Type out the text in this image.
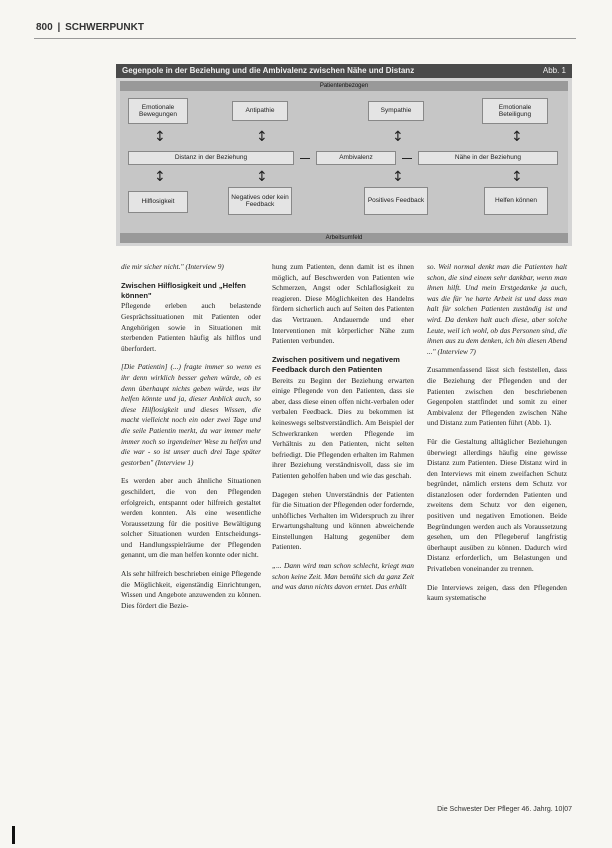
800 | SCHWERPUNKT
Gegenpole in der Beziehung und die Ambivalenz zwischen Nähe und Distanz	Abb. 1
Patientenbezogen
Emotionale Bewegungen
Antipathie	Sympathie
Emotionale Beteiligung
↕	↕	↕	↕
Distanz in der Beziehung	Ambivalenz	Nähe in der Beziehung
↕	↕	↕	↕
Hilflosigkeit
Negatives oder kein Feedback
Positives Feedback	Helfen können
Arbeitsumfeld

die mir sicher nicht." (Interview 9)

Zwischen Hilflosigkeit und „Helfen können"

Pflegende erleben auch belastende Gesprächssituationen mit Patienten oder Angehörigen sowie in Situationen mit sterbenden Patienten häufig als hilflos und überfordert.

[Die Patientin] (...) fragte immer so wenn es ihr denn wirklich besser gehen würde, ob es denn überhaupt nichts geben würde, was ihr helfen könnte und ja, dieser Anblick auch, so diese Hilflosigkeit und dieses Wissen, die macht vielleicht noch ein oder zwei Tage und die seile Patientin merkt, da war immer mehr immer noch so irgendeiner Wese zu helfen und die war - so ist unser auch drei Tage später gestorben" (Interview 1)

Es werden aber auch ähnliche Situationen geschildert, die von den Pflegenden erfolgreich, entspannt oder hilfreich gestaltet werden konnten. Als eine wesentliche Voraussetzung für die positive Bewältigung solcher Situationen wurden Entscheidungs- und Handlungsspielräume der Pflegenden genannt, um die man helfen konnte oder nicht.

Als sehr hilfreich beschrieben einige Pflegende die Möglichkeit, eigenständig Einrichtungen, Wissen und Angebote anzuwenden zu können. Dies fördert die Bezie-

hung zum Patienten, denn damit ist es ihnen möglich, auf Beschwerden von Patienten wie Schmerzen, Angst oder Schlaflosigkeit zu reagieren. Diese Möglichkeiten des Handelns fördern sicherlich auch auf Seiten des Patienten das Vertrauen. Andauernde und eher Interventionen mit körperlicher Nähe zum Patienten verbunden.

Zwischen positivem und negativem Feedback durch den Patienten

Bereits zu Beginn der Beziehung erwarten einige Pflegende von den Patienten, dass sie aber, dass diese einen offen nicht-verbalen oder verbalen Feedback. Dies zu bekommen ist keineswegs selbstverständlich. Am Beispiel der Schwerkranken werden Pflegende im Verhältnis zu den Patienten, nicht selten befriedigt. Die Pflegenden erhalten im Rahmen ihrer Beziehung verständnisvoll, dass sie im Patienten geholfen haben und wie das geschah.

Dagegen stehen Unverständnis der Patienten für die Situation der Pflegenden oder fordernde, unhöfliches Verhalten im Widerspruch zu ihrer Erwartungshaltung und können abweichende Einstellungen Haltung gegenüber dem Patienten.

„... Dann wird man schon schlecht, kriegt man schon keine Zeit. Man bemüht sich da ganz Zeit und was dann nichts davon erntet. Das erhält

so. Weil normal denkt man die Patienten halt schon, die sind einem sehr dankbar, wenn man ihnen hilft. Und mein Erstgedanke ja auch, was die für 'ne harte Arbeit ist und dass man halt für solchen Patienten zuständig ist und wird. Da denken halt auch diese, aber solche Leute, weil ich wohl, ob das Personen sind, die ihnen aus zu dem denken, ich bin diesen Abend ..." (Interview 7)

Zusammenfassend lässt sich feststellen, dass die Beziehung der Pflegenden und der Patienten zwischen den beschriebenen Gegenpolen stattfindet und somit zu einer Ambivalenz der Pflegenden zwischen Nähe und Distanz zum Patienten führt (Abb. 1).

Für die Gestaltung alltäglicher Beziehungen überwiegt allerdings häufig eine gewisse Distanz zum Patienten. Diese Distanz wird in den Interviews mit einem zweifachen Schutz begründet, nämlich erstens dem Schutz vor distanzlosen oder fordernden Patienten und zweitens dem Schutz vor den eigenen, positiven und negativen Emotionen. Beide Begründungen werden auch als Voraussetzung gesehen, um den Pflegeberuf langfristig überhaupt ausüben zu können. Dadurch wird Distanz erforderlich, um Belastungen und Privatleben voneinander zu trennen.

Die Interviews zeigen, dass den Pflegenden kaum systematische

Die Schwester Der Pfleger 46. Jahrg. 10|07
